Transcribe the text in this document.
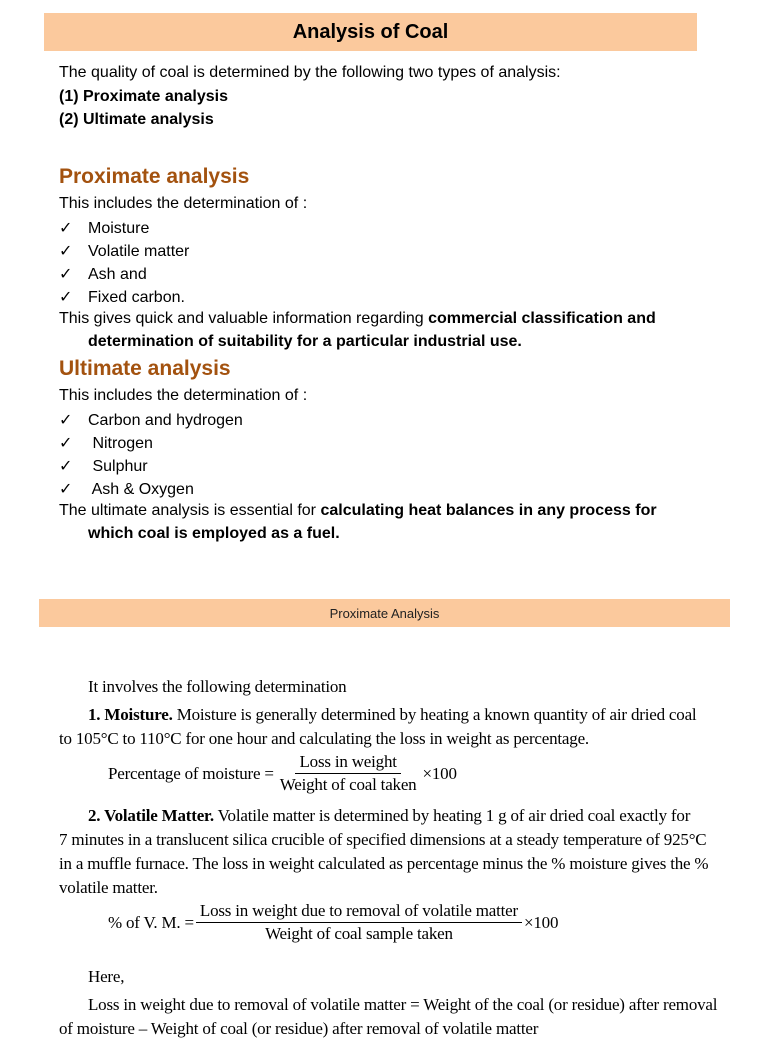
Analysis of Coal
The quality of coal is determined by the following two types of analysis:
(1) Proximate analysis
(2) Ultimate analysis
Proximate analysis
This includes the determination of :
✓ Moisture
✓ Volatile matter
✓ Ash and
✓ Fixed carbon.
This gives quick and valuable information regarding commercial classification and
determination of suitability for a particular industrial use.
Ultimate analysis
This includes the determination of :
✓ Carbon and hydrogen
✓ Nitrogen
✓ Sulphur
✓ Ash & Oxygen
The ultimate analysis is essential for calculating heat balances in any process for
which coal is employed as a fuel.
Proximate Analysis
It involves the following determination
1. Moisture. Moisture is generally determined by heating a known quantity of air dried coal
to 105°C to 110°C for one hour and calculating the loss in weight as percentage.
Percentage of moisture = $\frac{\text{Loss in weight}}{\text{Weight of coal taken}} \times 100$
2. Volatile Matter. Volatile matter is determined by heating 1 g of air dried coal exactly for
7 minutes in a translucent silica crucible of specified dimensions at a steady temperature of 925°C
in a muffle furnace. The loss in weight calculated as percentage minus the % moisture gives the %
volatile matter.
% of V. M. = $\frac{\text{Loss in weight due to removal of volatile matter}}{\text{Weight of coal sample taken}} \times 100$
Here,
Loss in weight due to removal of volatile matter = Weight of the coal (or residue) after removal
of moisture – Weight of coal (or residue) after removal of volatile matter
